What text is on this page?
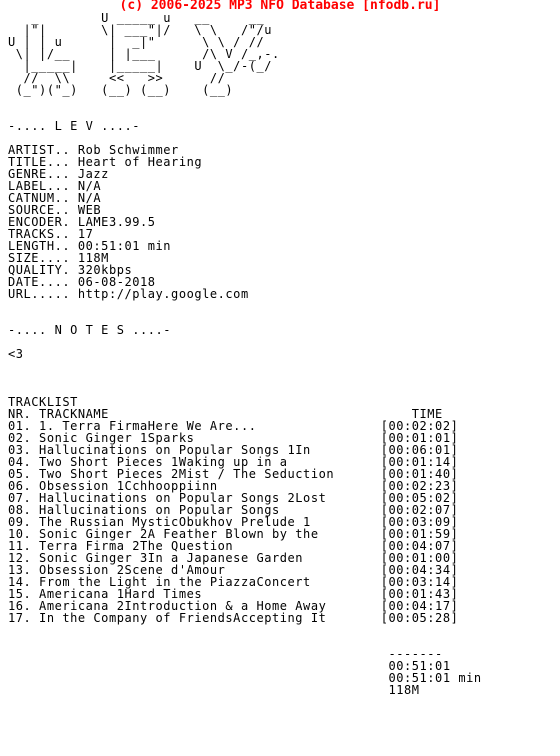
(c) 2006-2025 MP3 NFO Database [nfodb.ru]
_        U _____ u   __     __
|"|       \| ___"|/   \ \   /"/u
U | | u      |  _|"      \ \ / //
\| |/__     | |___      /\ V /_,-.
|_____|    |_____|    U  \_/-(_/
//  \\     <<   >>      //
(_")("_)   (__) (__)    (__)

-.... L E V ....-

ARTIST.. Rob Schwimmer
TITLE... Heart of Hearing
GENRE... Jazz
LABEL... N/A
CATNUM.. N/A
SOURCE.. WEB
ENCODER. LAME3.99.5
TRACKS.. 17
LENGTH.. 00:51:01 min
SIZE.... 118M
QUALITY. 320kbps
DATE.... 06-08-2018
URL..... http://play.google.com

-.... N O T E S ....-

<3

TRACKLIST
NR. TRACKNAME                                       TIME
01. 1. Terra FirmaHere We Are...                [00:02:02]
02. Sonic Ginger 1Sparks                        [00:01:01]
03. Hallucinations on Popular Songs 1In         [00:06:01]
04. Two Short Pieces 1Waking up in a            [00:01:14]
05. Two Short Pieces 2Mist / The Seduction      [00:01:40]
06. Obsession 1Cchhooppiinn                     [00:02:23]
07. Hallucinations on Popular Songs 2Lost       [00:05:02]
08. Hallucinations on Popular Songs             [00:02:07]
09. The Russian MysticObukhov Prelude 1         [00:03:09]
10. Sonic Ginger 2A Feather Blown by the        [00:01:59]
11. Terra Firma 2The Question                   [00:04:07]
12. Sonic Ginger 3In a Japanese Garden          [00:01:00]
13. Obsession 2Scene d'Amour                    [00:04:34]
14. From the Light in the PiazzaConcert         [00:03:14]
15. Americana 1Hard Times                       [00:01:43]
16. Americana 2Introduction & a Home Away       [00:04:17]
17. In the Company of FriendsAccepting It       [00:05:28]

-------
00:51:01
00:51:01 min
118M
